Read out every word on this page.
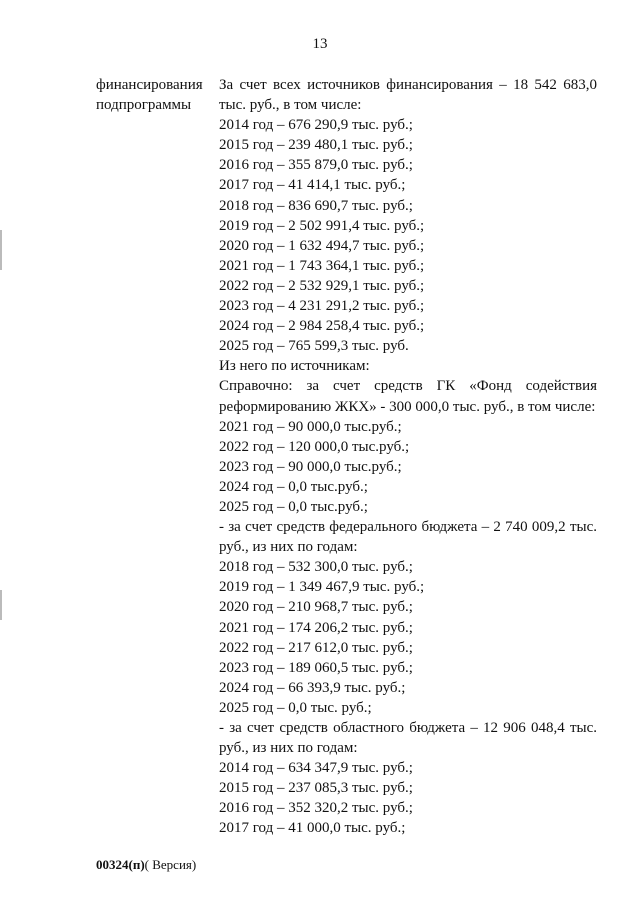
13
финансирования
подпрограммы
За счет всех источников финансирования – 18 542 683,0
тыс. руб., в том числе:
2014 год – 676 290,9 тыс. руб.;
2015 год – 239 480,1 тыс. руб.;
2016 год – 355 879,0 тыс. руб.;
2017 год – 41 414,1 тыс. руб.;
2018 год – 836 690,7 тыс. руб.;
2019 год – 2 502 991,4 тыс. руб.;
2020 год – 1 632 494,7 тыс. руб.;
2021 год – 1 743 364,1 тыс. руб.;
2022 год – 2 532 929,1 тыс. руб.;
2023 год – 4 231 291,2 тыс. руб.;
2024 год – 2 984 258,4 тыс. руб.;
2025 год – 765 599,3 тыс. руб.
Из него по источникам:
Справочно: за счет средств ГК «Фонд содействия
реформированию ЖКХ» - 300 000,0 тыс. руб., в том числе:
2021 год – 90 000,0 тыс.руб.;
2022 год – 120 000,0 тыс.руб.;
2023 год – 90 000,0 тыс.руб.;
2024 год – 0,0 тыс.руб.;
2025 год – 0,0 тыс.руб.;
- за счет средств федерального бюджета – 2 740 009,2 тыс.
руб., из них по годам:
2018 год – 532 300,0 тыс. руб.;
2019 год – 1 349 467,9 тыс. руб.;
2020 год – 210 968,7 тыс. руб.;
2021 год – 174 206,2 тыс. руб.;
2022 год – 217 612,0 тыс. руб.;
2023 год – 189 060,5 тыс. руб.;
2024 год – 66 393,9 тыс. руб.;
2025 год – 0,0 тыс. руб.;
- за счет средств областного бюджета – 12 906 048,4 тыс.
руб., из них по годам:
2014 год – 634 347,9 тыс. руб.;
2015 год – 237 085,3 тыс. руб.;
2016 год – 352 320,2 тыс. руб.;
2017 год – 41 000,0 тыс. руб.;
00324(п)( Версия)
